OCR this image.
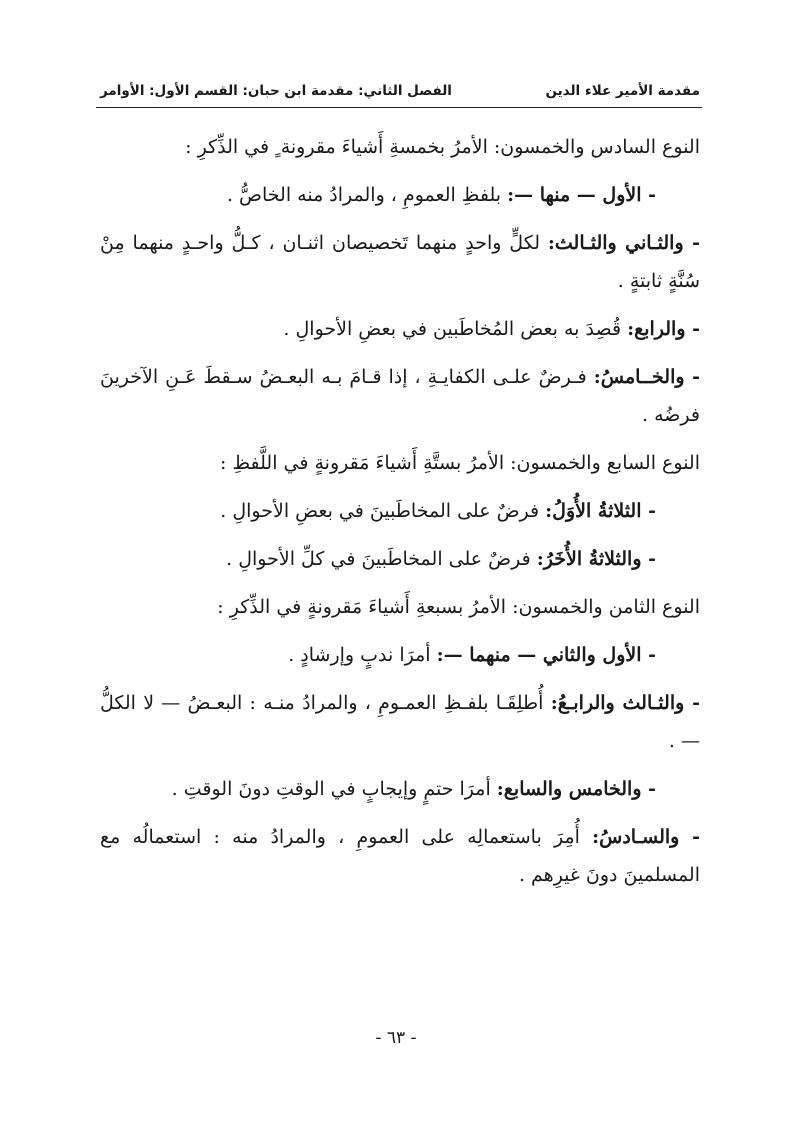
مقدمة الأمير علاء الدين
الفصل الثاني: مقدمة ابن حبان: القسم الأول: الأوامر

النوع السادس والخمسون: الأمرُ بخمسةِ أَشياءَ مقرونة ٍ في الذِّكرِ :

- الأول — منها —: بلفظِ العمومِ ، والمرادُ منه الخاصُّ .

- والثـاني والثـالث: لكلٍّ واحدٍ منهما تَخصيصان اثنـان ، كـلُّ واحـدٍ منهما مِنْ سُنَّةٍ ثابتةٍ .

- والرابع: قُصِدَ به بعض المُخاطَبين في بعضِ الأحوالِ .

- والخــامسُ: فـرضٌ علـى الكفايـةِ ، إذا قـامَ بـه البعـضُ سـقطَ عَـنِ الآخرينَ فرضُه .

النوع السابع والخمسون: الأمرُ بستَّةِ أَشياءَ مَقرونةٍ في اللَّفظِ :

- الثلاثةُ الأُوَلُ: فرضٌ على المخاطَبينَ في بعضِ الأحوالِ .

- والثلاثةُ الأُخَرُ: فرضٌ على المخاطَبينَ في كلِّ الأحوالِ .

النوع الثامن والخمسون: الأمرُ بسبعةِ أَشياءَ مَقرونةٍ في الذِّكرِ :

- الأول والثاني — منهما —: أمرَا ندبٍ وإرشادٍ .

- والثـالث والرابـعُ: أُطلِقَـا بلفـظِ العمـومِ ، والمرادُ منـه : البعـضُ — لا الكلُّ — .

- والخامس والسابع: أمرَا حتمٍ وإيجابٍ في الوقتِ دونَ الوقتِ .

- والسـادسُ: أُمِرَ باستعمالِه على العمومِ ، والمرادُ منه : استعمالُه مع المسلمينَ دونَ غيرِهم .

- ٦٣ -
